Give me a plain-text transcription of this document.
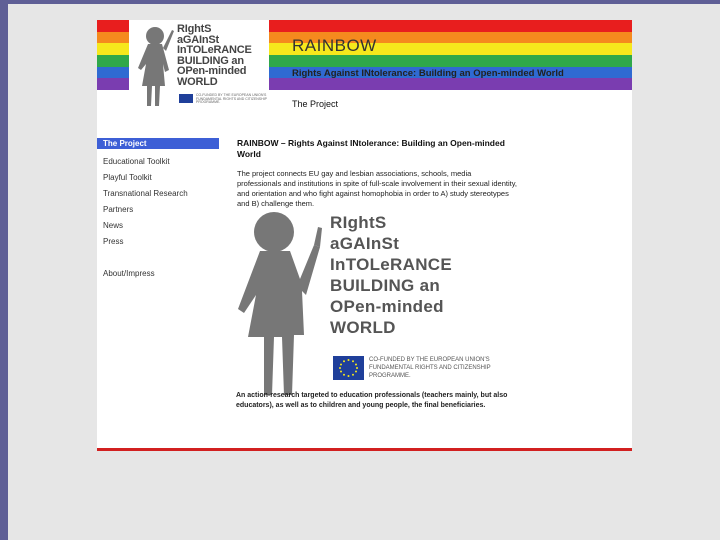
RIghtS
aGAInSt
InTOLeRANCE
BUILDING an
OPen-minded
WORLD
CO-FUNDED BY THE EUROPEAN UNION'S FUNDAMENTAL RIGHTS AND CITIZENSHIP PROGRAMME.
RAINBOW
Rights Against INtolerance: Building an Open-minded World
The Project
The Project
Educational Toolkit
Playful Toolkit
Transnational Research
Partners
News
Press
About/Impress
RAINBOW – Rights Against INtolerance: Building an Open-minded World
The project connects EU gay and lesbian associations, schools, media professionals and institutions in spite of full-scale involvement in their sexual identity, and orientation and who fight against homophobia in order to A) study stereotypes and B) challenge them.
RIghtS
aGAInSt
InTOLeRANCE
BUILDING an
OPen-minded
WORLD
CO-FUNDED BY THE EUROPEAN UNION'S FUNDAMENTAL RIGHTS AND CITIZENSHIP PROGRAMME.
An action-research targeted to education professionals (teachers mainly, but also educators), as well as to children and young people, the final beneficiaries.
